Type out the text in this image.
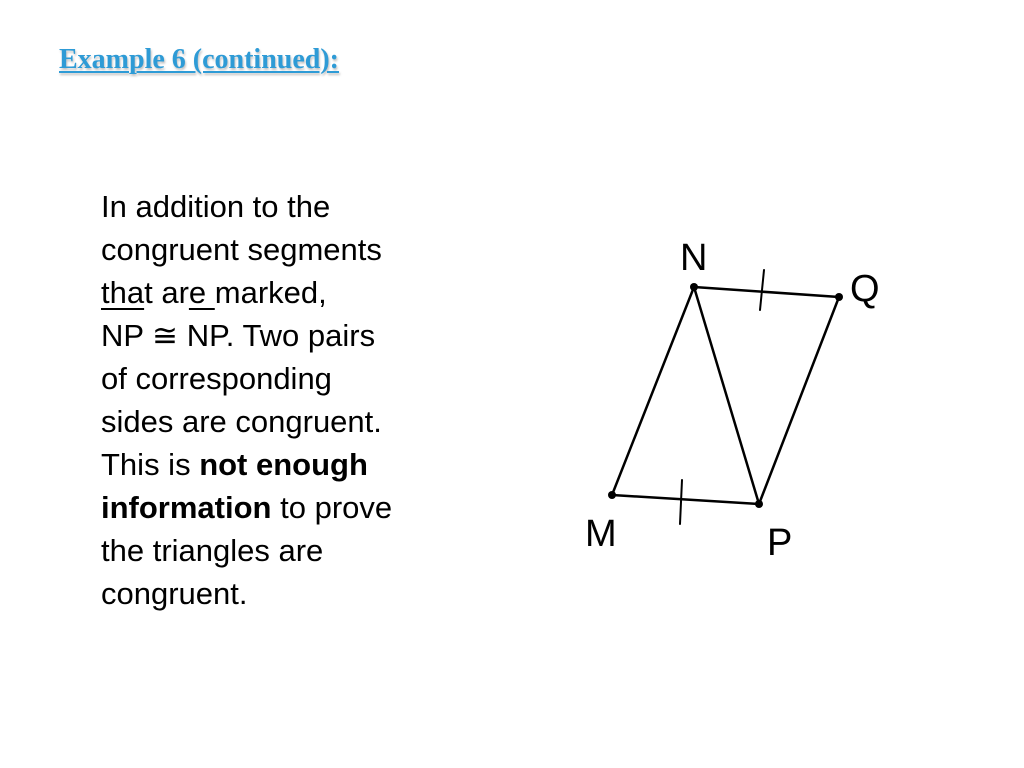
Example 6 (continued):
In addition to the
congruent segments
that are marked,
NP ≅ NP. Two pairs
of corresponding
sides are congruent.
This is not enough
information to prove
the triangles are
congruent.
N
Q
M	P
